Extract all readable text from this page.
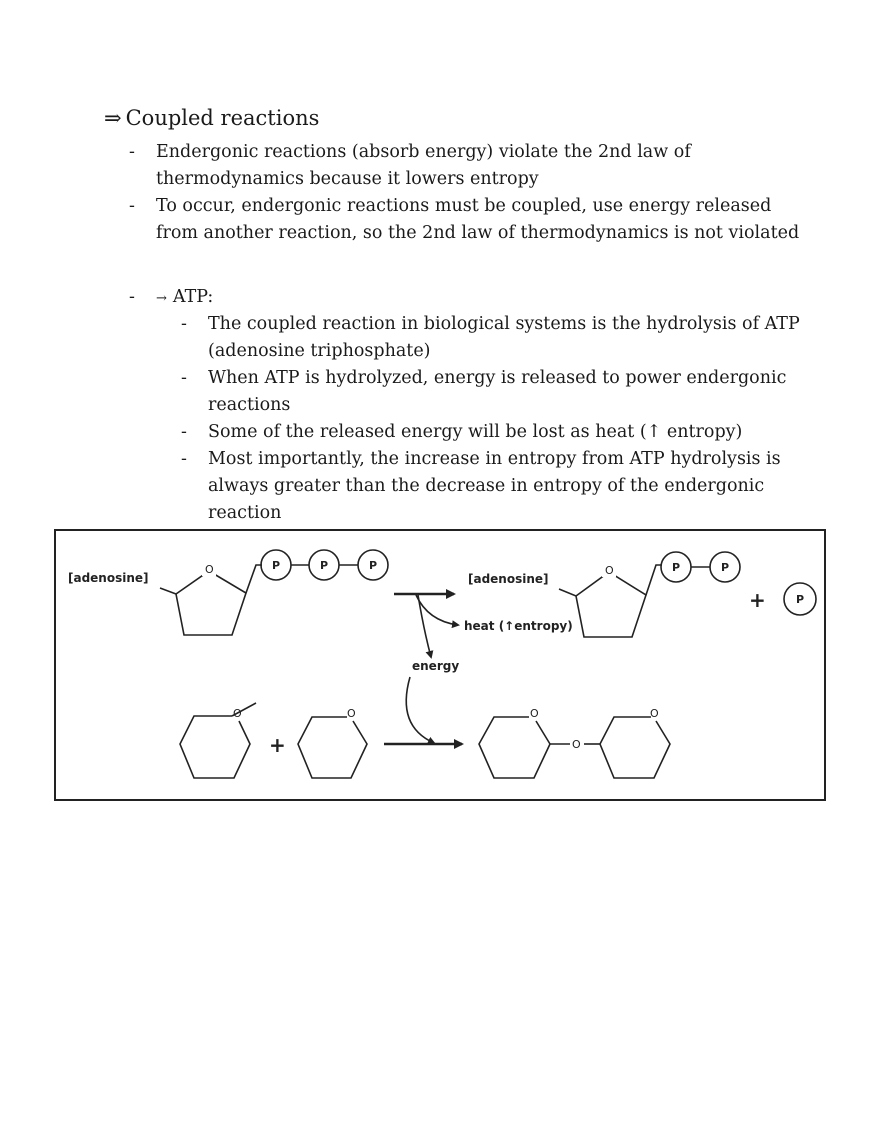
⇒ Coupled reactions
- Endergonic reactions (absorb energy) violate the 2nd law of
thermodynamics because it lowers entropy
- To occur, endergonic reactions must be coupled, use energy released
from another reaction, so the 2nd law of thermodynamics is not violated
- → ATP:
- The coupled reaction in biological systems is the hydrolysis of ATP
(adenosine triphosphate)
- When ATP is hydrolyzed, energy is released to power endergonic
reactions
- Some of the released energy will be lost as heat (↑ entropy)
- Most importantly, the increase in entropy from ATP hydrolysis is
always greater than the decrease in entropy of the endergonic
reaction
[adenosine]
O	P	P	P
heat (↑entropy)
energy
[adenosine]
O	P	P
+	P
O
+
O	O
O
O
